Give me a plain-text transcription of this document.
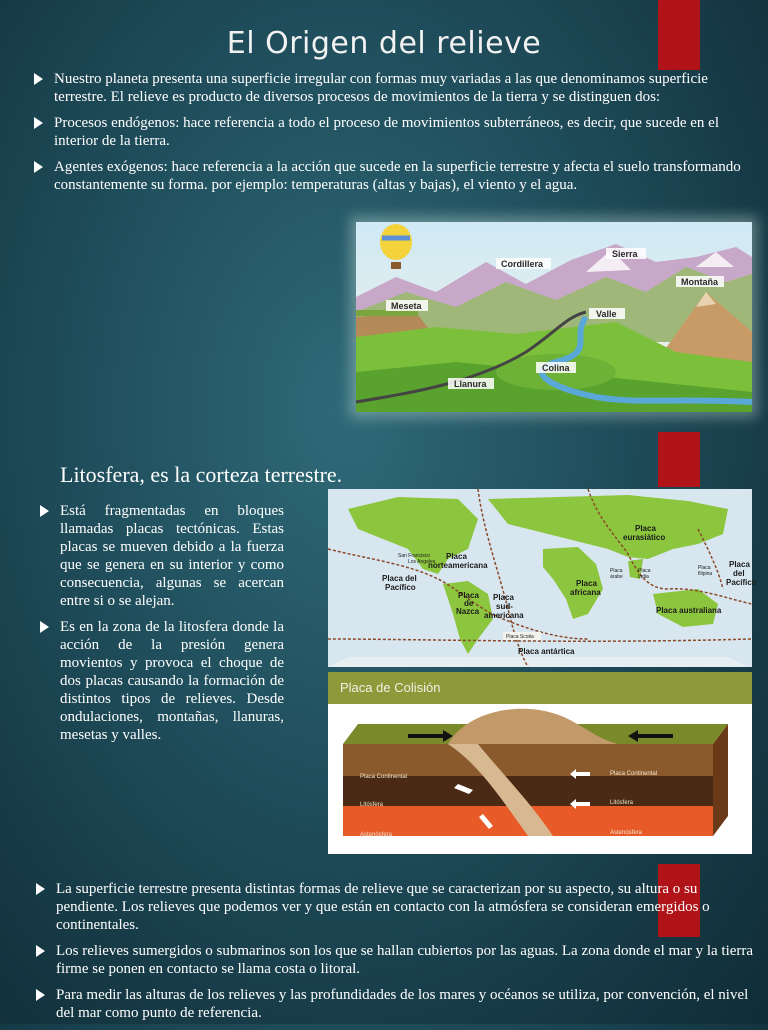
El Origen del relieve
Nuestro planeta presenta una superficie irregular con formas muy variadas a las que denominamos superficie terrestre. El relieve es producto de diversos procesos de movimientos de la tierra y se distinguen dos:
Procesos endógenos: hace referencia a todo el proceso de movimientos subterráneos, es decir, que sucede en el interior de la tierra.
Agentes exógenos: hace referencia a la acción que sucede en la superficie terrestre y afecta el suelo transformando constantemente su forma. por ejemplo: temperaturas (altas y bajas), el viento y el agua.
Cordillera
Sierra
Montaña
Meseta
Valle
Colina
Llanura
Litosfera, es la corteza terrestre.
Está fragmentadas en bloques llamadas placas tectónicas. Estas placas se mueven debido a la fuerza que se genera en su interior y como consecuencia, algunas se acercan entre si o se alejan.
Es en la zona de la litosfera donde la acción de la presión genera movientos y provoca el choque de dos placas causando la formación de distintos tipos de relieves. Desde ondulaciones, montañas, llanuras, mesetas y valles.
Placa
norteamericana
Placa
eurasiático
Placa del
Pacífico
Placa
de
Nazca
Placa
sud-
americana
Placa
africana
Placa
árabe
Placa
India
Placa
filipina
Placa
del
Pacífico
Placa australiana
Placa antártica
Placa Scotia
San Francisco
Los Angeles
Placa de Colisión
Placa Continental
Litósfera
Astenósfera
Placa Continental
Litósfera
Astenósfera
La superficie terrestre presenta distintas formas de relieve que se caracterizan por su aspecto, su altura o su pendiente. Los relieves que podemos ver y que están en contacto con la atmósfera se consideran emergidos o continentales.
Los relieves sumergidos o submarinos son los que se hallan cubiertos por las aguas. La zona donde el mar y la tierra firme se ponen en contacto se llama costa o litoral.
Para medir las alturas de los relieves y las profundidades de los mares y océanos se utiliza, por convención, el nivel del mar como punto de referencia.
